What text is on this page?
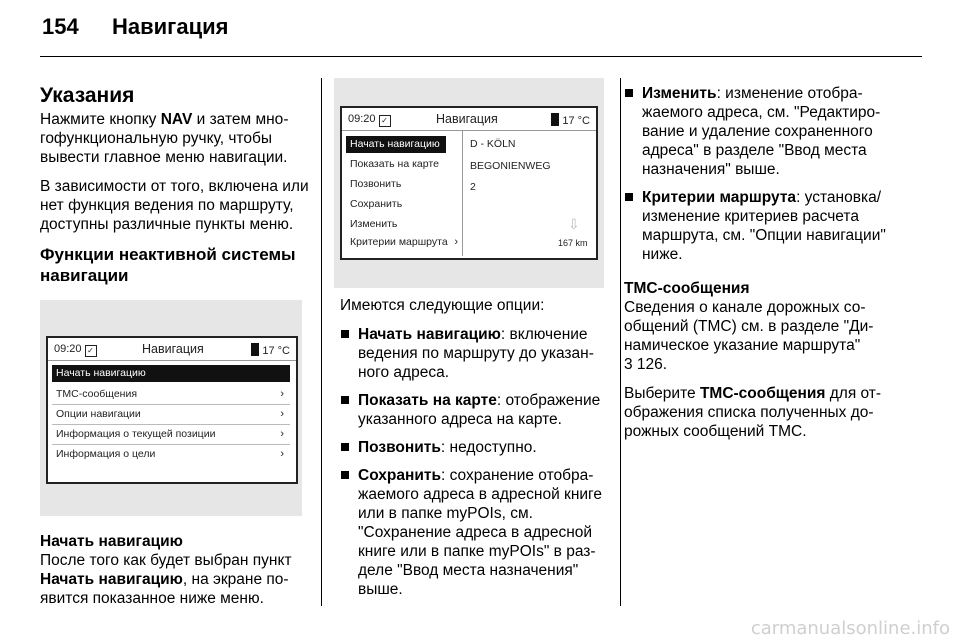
154 Навигация
Указания

Нажмите кнопку NAV и затем многофункциональную ручку, чтобы вывести главное меню навигации.

В зависимости от того, включена или нет функция ведения по маршруту, доступны различные пункты меню.

Функции неактивной системы навигации
09:20 ✓	Навигация	17 °C
Начать навигацию
TMC-сообщения	›
Опции навигации	›
Информация о текущей позиции	›
Информация о цели	›
Начать навигацию

После того как будет выбран пункт Начать навигацию, на экране появится показанное ниже меню.

09:20 ✓	Навигация	17 °C
Начать навигацию
Показать на карте
Позвонить
Сохранить
Изменить
Критерии маршрута ›
D - KÖLN
BEGONIENWEG
2
⇩
167 km

Имеются следующие опции:

Начать навигацию: включение ведения по маршруту до указанного адреса.
Показать на карте: отображение указанного адреса на карте.
Позвонить: недоступно.
Сохранить: сохранение отображаемого адреса в адресной книге или в папке myPOIs, см. "Сохранение адреса в адресной книге или в папке myPOIs" в разделе "Ввод места назначения" выше.
Изменить: изменение отображаемого адреса, см. "Редактирование и удаление сохраненного адреса" в разделе "Ввод места назначения" выше.
Критерии маршрута: установка/ изменение критериев расчета маршрута, см. "Опции навигации" ниже.
TMC-сообщения

Сведения о канале дорожных сообщений (TMC) см. в разделе "Динамическое указание маршрута"
3 126.

Выберите TMC-сообщения для отображения списка полученных дорожных сообщений TMC.

carmanualsonline.info
